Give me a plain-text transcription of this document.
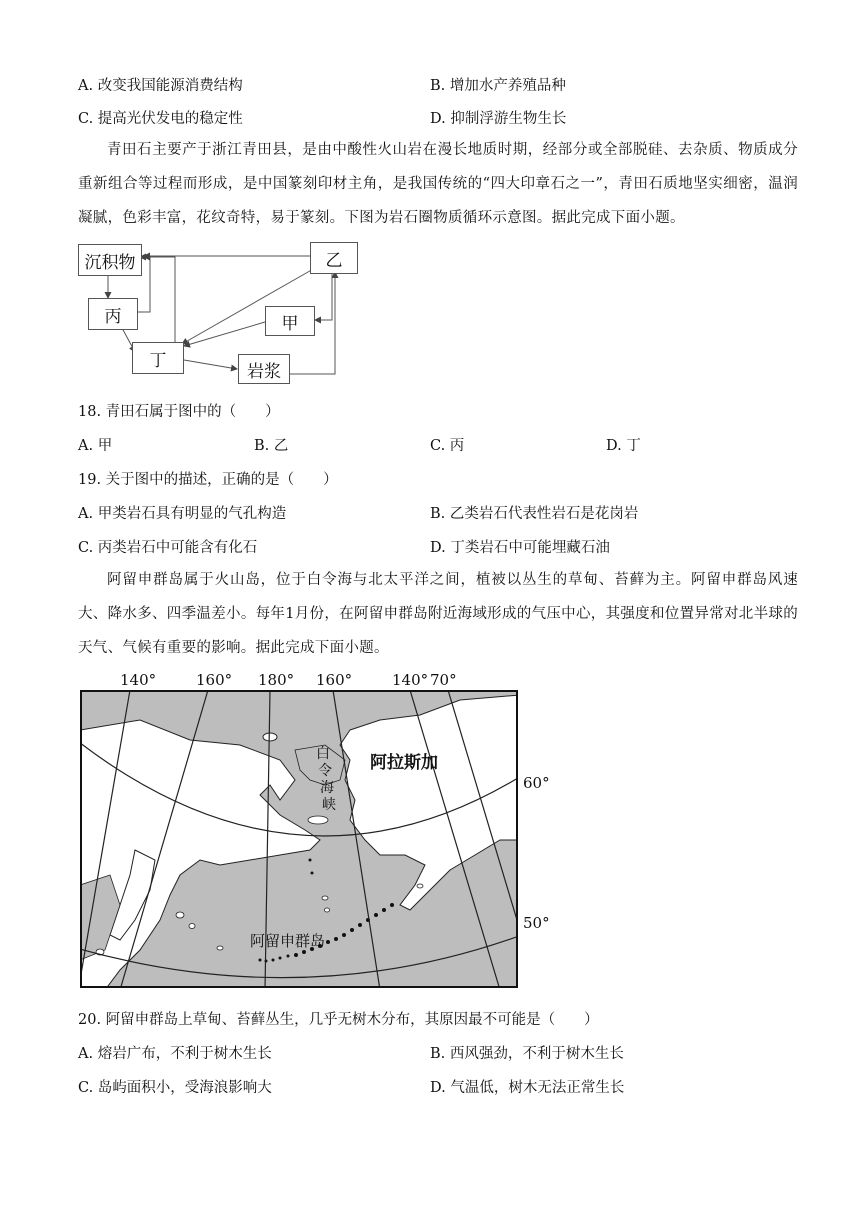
A. 改变我国能源消费结构	B. 增加水产养殖品种
C. 提高光伏发电的稳定性	D. 抑制浮游生物生长
青田石主要产于浙江青田县，是由中酸性火山岩在漫长地质时期，经部分或全部脱硅、去杂质、物质成分重新组合等过程而形成，是中国篆刻印材主角，是我国传统的“四大印章石之一”，青田石质地坚实细密，温润凝腻，色彩丰富，花纹奇特，易于篆刻。下图为岩石圈物质循环示意图。据此完成下面小题。
沉积物
丙
乙
甲
丁
岩浆
18. 青田石属于图中的（　　）
A. 甲	B. 乙	C. 丙	D. 丁
19. 关于图中的描述，正确的是（　　）
A. 甲类岩石具有明显的气孔构造	B. 乙类岩石代表性岩石是花岗岩
C. 丙类岩石中可能含有化石	D. 丁类岩石中可能埋藏石油
阿留申群岛属于火山岛，位于白令海与北太平洋之间，植被以丛生的草甸、苔藓为主。阿留申群岛风速大、降水多、四季温差小。每年1月份，在阿留申群岛附近海域形成的气压中心，其强度和位置异常对北半球的天气、气候有重要的影响。据此完成下面小题。
140°	160° 180° 160°	140° 70°
白
令
海
峡
阿拉斯加
60°
50°
阿留申群岛
20. 阿留申群岛上草甸、苔藓丛生，几乎无树木分布，其原因最不可能是（　　）
A. 熔岩广布，不利于树木生长	B. 西风强劲，不利于树木生长
C. 岛屿面积小，受海浪影响大	D. 气温低，树木无法正常生长
